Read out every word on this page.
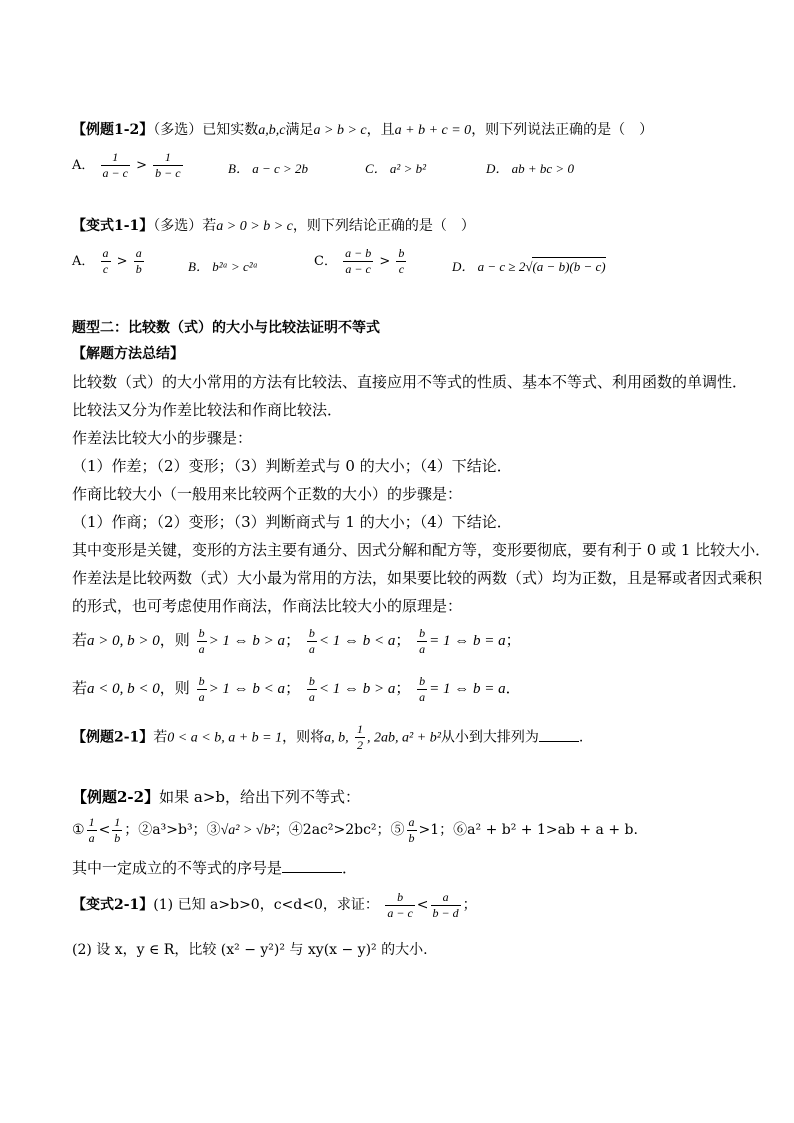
【例题1-2】（多选）已知实数a,b,c满足a > b > c，且a + b + c = 0，则下列说法正确的是（　）
A． $\frac{1}{a - c} > \frac{1}{b - c}$	B． a − c > 2b	C． a² > b²	D． ab + bc > 0
【变式1-1】（多选）若a > 0 > b > c，则下列结论正确的是（　）
A． $\frac{a}{c} > \frac{a}{b}$	B． b²ᵃ > c²ᵃ	C． $\frac{a - b}{a - c} > \frac{b}{c}$	D． a − c ≥ 2√(a − b)(b − c)
题型二：比较数（式）的大小与比较法证明不等式
【解题方法总结】
比较数（式）的大小常用的方法有比较法、直接应用不等式的性质、基本不等式、利用函数的单调性．
比较法又分为作差比较法和作商比较法．
作差法比较大小的步骤是：
（1）作差；（2）变形；（3）判断差式与 0 的大小；（4）下结论．
作商比较大小（一般用来比较两个正数的大小）的步骤是：
（1）作商；（2）变形；（3）判断商式与 1 的大小；（4）下结论．
其中变形是关键，变形的方法主要有通分、因式分解和配方等，变形要彻底，要有利于 0 或 1 比较大小．
作差法是比较两数（式）大小最为常用的方法，如果要比较的两数（式）均为正数，且是幂或者因式乘积
的形式，也可考虑使用作商法，作商法比较大小的原理是：
若a > 0, b > 0，则 $\frac{b}{a} > 1$ ⇔ b > a； $\frac{b}{a} < 1$ ⇔ b < a； $\frac{b}{a} = 1$ ⇔ b = a；
若a < 0, b < 0，则 $\frac{b}{a} > 1$ ⇔ b < a； $\frac{b}{a} < 1$ ⇔ b > a； $\frac{b}{a} = 1$ ⇔ b = a．
【例题2-1】若0 < a < b, a + b = 1，则将a, b, $\frac{1}{2}$ , 2ab, a² + b²从小到大排列为	.
【例题2-2】如果 a>b，给出下列不等式：
① $\frac{1}{a} < \frac{1}{b}$ ；②a³>b³；③√a² > √b²；④2ac²>2bc²；⑤ $\frac{a}{b} >1$；⑥a² + b² + 1>ab + a + b.
其中一定成立的不等式的序号是	．
【变式2-1】(1) 已知 a>b>0，c<d<0，求证： $\frac{b}{a - c} < \frac{a}{b - d}$ ；
(2) 设 x，y ∈ R，比较 (x² − y²)² 与 xy(x − y)² 的大小.
